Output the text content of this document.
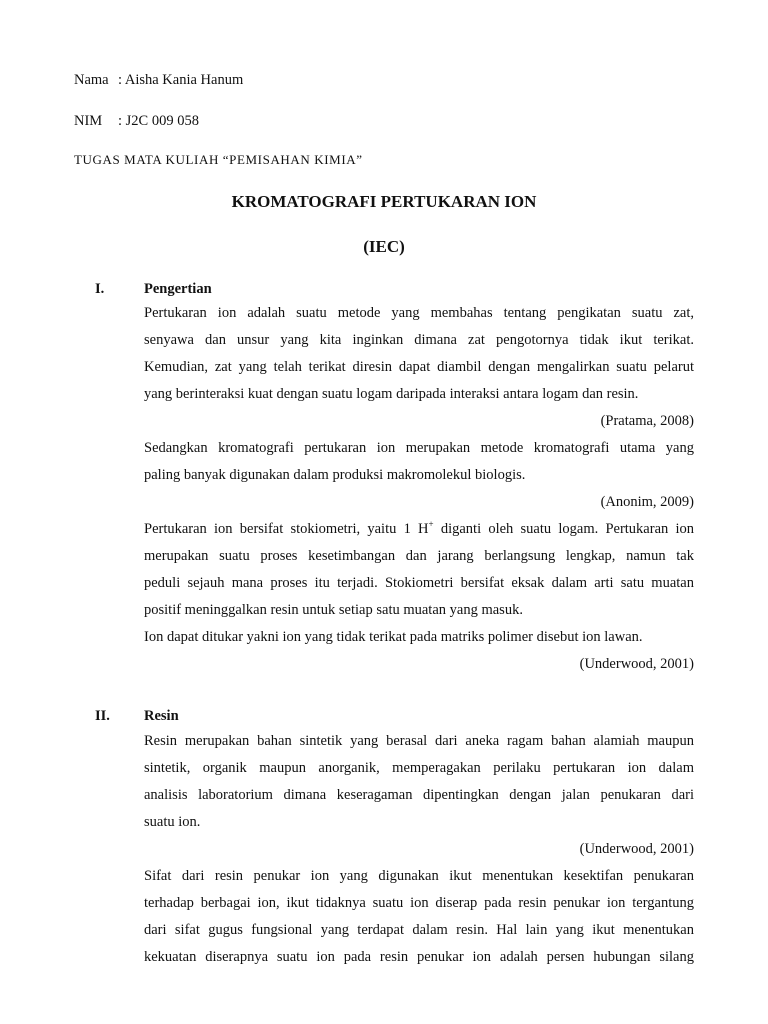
Nama : Aisha Kania Hanum
NIM : J2C 009 058
TUGAS MATA KULIAH “PEMISAHAN KIMIA”
KROMATOGRAFI PERTUKARAN ION
(IEC)
I.	Pengertian
Pertukaran ion adalah suatu metode yang membahas tentang pengikatan suatu zat,
senyawa dan unsur yang kita inginkan dimana zat pengotornya tidak ikut terikat.
Kemudian, zat yang telah terikat diresin dapat diambil dengan mengalirkan suatu pelarut
yang berinteraksi kuat dengan suatu logam daripada interaksi antara logam dan resin.
(Pratama, 2008)
Sedangkan kromatografi pertukaran ion merupakan metode kromatografi utama yang
paling banyak digunakan dalam produksi makromolekul biologis.
(Anonim, 2009)
Pertukaran ion bersifat stokiometri, yaitu 1 H+ diganti oleh suatu logam. Pertukaran ion
merupakan suatu proses kesetimbangan dan jarang berlangsung lengkap, namun tak
peduli sejauh mana proses itu terjadi. Stokiometri bersifat eksak dalam arti satu muatan
positif meninggalkan resin untuk setiap satu muatan yang masuk.
Ion dapat ditukar yakni ion yang tidak terikat pada matriks polimer disebut ion lawan.
(Underwood, 2001)
II. Resin
Resin merupakan bahan sintetik yang berasal dari aneka ragam bahan alamiah maupun
sintetik, organik maupun anorganik, memperagakan perilaku pertukaran ion dalam
analisis laboratorium dimana keseragaman dipentingkan dengan jalan penukaran dari
suatu ion.
(Underwood, 2001)
Sifat dari resin penukar ion yang digunakan ikut menentukan kesektifan penukaran
terhadap berbagai ion, ikut tidaknya suatu ion diserap pada resin penukar ion tergantung
dari sifat gugus fungsional yang terdapat dalam resin. Hal lain yang ikut menentukan
kekuatan diserapnya suatu ion pada resin penukar ion adalah persen hubungan silang
